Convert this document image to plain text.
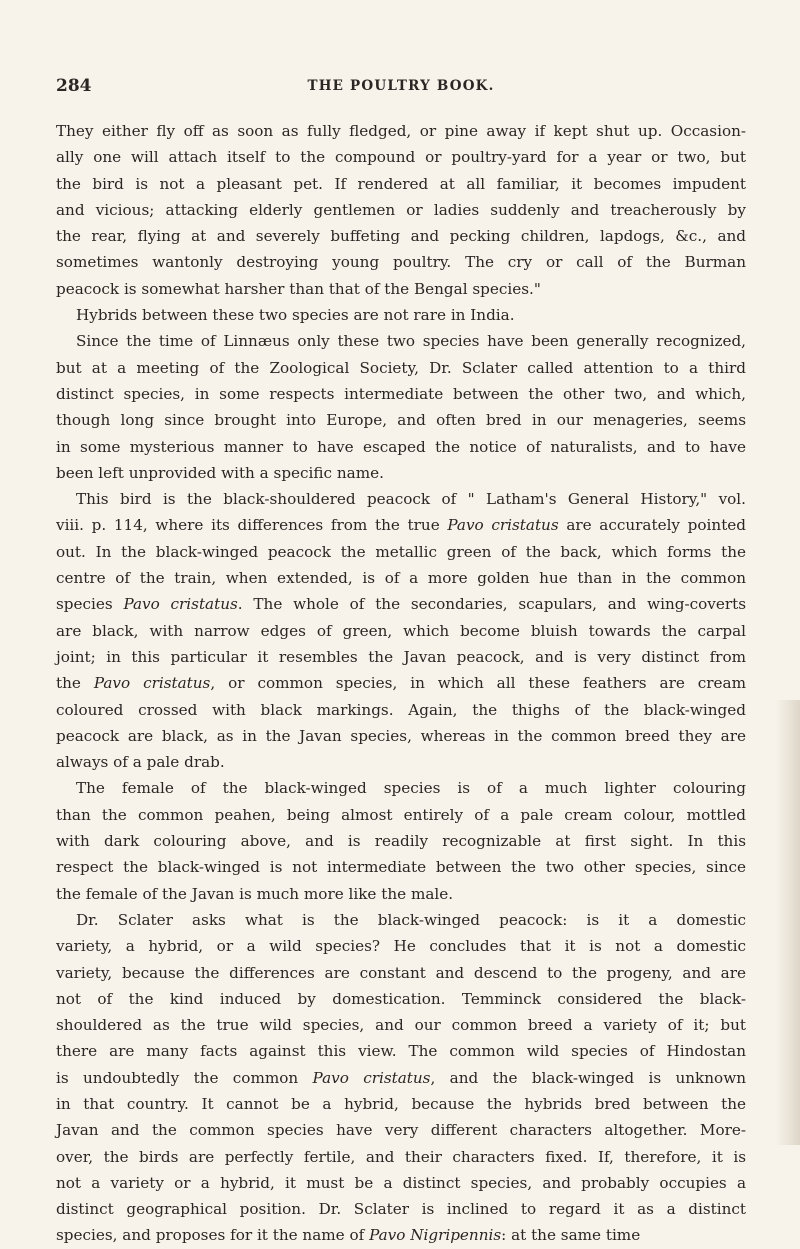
284	THE POULTRY BOOK.
They either fly off as soon as fully fledged, or pine away if kept shut up. Occasion-
ally one will attach itself to the compound or poultry-yard for a year or two, but
the bird is not a pleasant pet. If rendered at all familiar, it becomes impudent
and vicious; attacking elderly gentlemen or ladies suddenly and treacherously by
the rear, flying at and severely buffeting and pecking children, lapdogs, &c., and
sometimes wantonly destroying young poultry. The cry or call of the Burman
peacock is somewhat harsher than that of the Bengal species."
Hybrids between these two species are not rare in India.
Since the time of Linnæus only these two species have been generally recognized,
but at a meeting of the Zoological Society, Dr. Sclater called attention to a third
distinct species, in some respects intermediate between the other two, and which,
though long since brought into Europe, and often bred in our menageries, seems
in some mysterious manner to have escaped the notice of naturalists, and to have
been left unprovided with a specific name.
This bird is the black-shouldered peacock of " Latham's General History," vol.
viii. p. 114, where its differences from the true Pavo cristatus are accurately pointed
out. In the black-winged peacock the metallic green of the back, which forms the
centre of the train, when extended, is of a more golden hue than in the common
species Pavo cristatus. The whole of the secondaries, scapulars, and wing-coverts
are black, with narrow edges of green, which become bluish towards the carpal
joint; in this particular it resembles the Javan peacock, and is very distinct from
the Pavo cristatus, or common species, in which all these feathers are cream
coloured crossed with black markings. Again, the thighs of the black-winged
peacock are black, as in the Javan species, whereas in the common breed they are
always of a pale drab.
The female of the black-winged species is of a much lighter colouring
than the common peahen, being almost entirely of a pale cream colour, mottled
with dark colouring above, and is readily recognizable at first sight. In this
respect the black-winged is not intermediate between the two other species, since
the female of the Javan is much more like the male.
Dr. Sclater asks what is the black-winged peacock: is it a domestic
variety, a hybrid, or a wild species? He concludes that it is not a domestic
variety, because the differences are constant and descend to the progeny, and are
not of the kind induced by domestication. Temminck considered the black-
shouldered as the true wild species, and our common breed a variety of it; but
there are many facts against this view. The common wild species of Hindostan
is undoubtedly the common Pavo cristatus, and the black-winged is unknown
in that country. It cannot be a hybrid, because the hybrids bred between the
Javan and the common species have very different characters altogether. More-
over, the birds are perfectly fertile, and their characters fixed. If, therefore, it is
not a variety or a hybrid, it must be a distinct species, and probably occupies a
distinct geographical position. Dr. Sclater is inclined to regard it as a distinct
species, and proposes for it the name of Pavo Nigripennis: at the same time
